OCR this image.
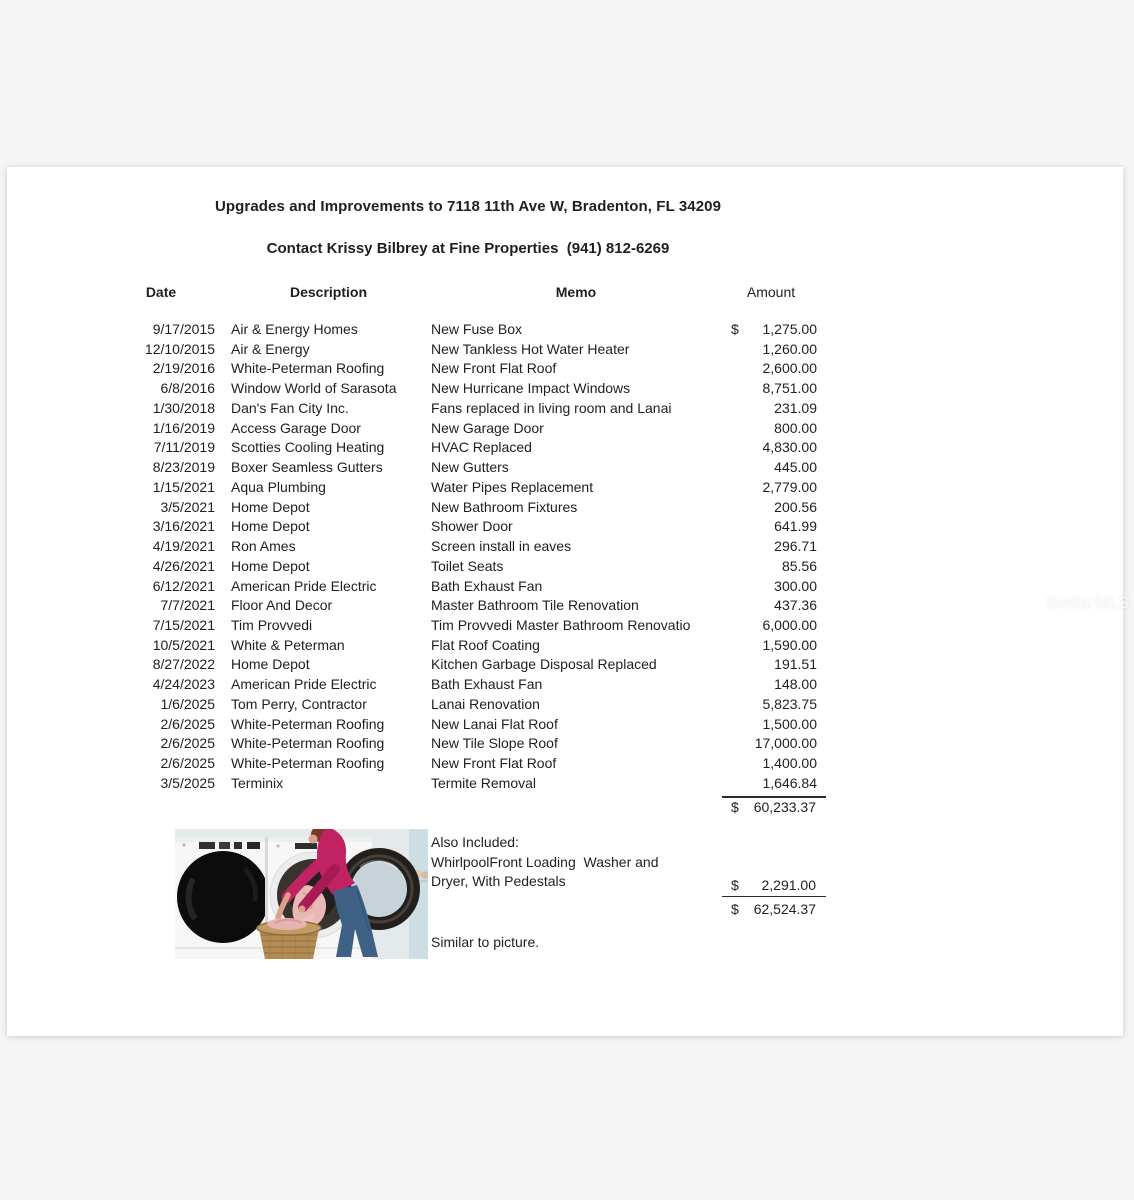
Upgrades and Improvements to 7118 11th Ave W, Bradenton, FL 34209
Contact Krissy Bilbrey at Fine Properties  (941) 812-6269
Date	Description	Memo	Amount
9/17/2015 Air & Energy Homes	New Fuse Box	$	1,275.00
12/10/2015 Air & Energy	New Tankless Hot Water Heater	1,260.00
2/19/2016 White-Peterman Roofing	New Front Flat Roof	2,600.00
6/8/2016 Window World of Sarasota	New Hurricane Impact Windows	8,751.00
1/30/2018 Dan's Fan City Inc.	Fans replaced in living room and Lanai	231.09
1/16/2019 Access Garage Door	New Garage Door	800.00
7/11/2019 Scotties Cooling Heating	HVAC Replaced	4,830.00
8/23/2019 Boxer Seamless Gutters	New Gutters	445.00
1/15/2021 Aqua Plumbing	Water Pipes Replacement	2,779.00
3/5/2021 Home Depot	New Bathroom Fixtures	200.56
3/16/2021 Home Depot	Shower Door	641.99
4/19/2021 Ron Ames	Screen install in eaves	296.71
4/26/2021 Home Depot	Toilet Seats	85.56
6/12/2021 American Pride Electric	Bath Exhaust Fan	300.00
7/7/2021 Floor And Decor	Master Bathroom Tile Renovation	437.36
7/15/2021 Tim Provvedi	Tim Provvedi Master Bathroom Renovatio	6,000.00
10/5/2021 White & Peterman	Flat Roof Coating	1,590.00
8/27/2022 Home Depot	Kitchen Garbage Disposal Replaced	191.51
4/24/2023 American Pride Electric	Bath Exhaust Fan	148.00
1/6/2025 Tom Perry, Contractor	Lanai Renovation	5,823.75
2/6/2025 White-Peterman Roofing	New Lanai Flat Roof	1,500.00
2/6/2025 White-Peterman Roofing	New Tile Slope Roof	17,000.00
2/6/2025 White-Peterman Roofing	New Front Flat Roof	1,400.00
3/5/2025 Terminix	Termite Removal	1,646.84
$	60,233.37
Also Included:
WhirlpoolFront Loading  Washer and
Dryer, With Pedestals	$	2,291.00
$	62,524.37
Similar to picture.
StellarMLS
